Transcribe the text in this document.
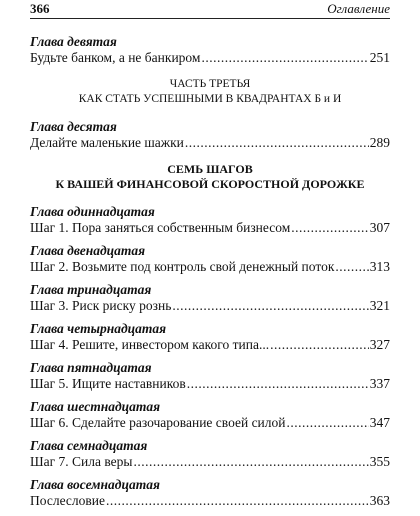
366	Оглавление
Глава девятая
Будьте банком, а не банкиром .....	251
ЧАСТЬ ТРЕТЬЯ
КАК СТАТЬ УСПЕШНЫМИ В КВАДРАНТАХ Б и И
Глава десятая
Делайте маленькие шажки .....	289
СЕМЬ ШАГОВ
К ВАШЕЙ ФИНАНСОВОЙ СКОРОСТНОЙ ДОРОЖКЕ
Глава одиннадцатая
Шаг 1. Пора заняться собственным бизнесом .....	307
Глава двенадцатая
Шаг 2. Возьмите под контроль свой денежный поток .....	313
Глава тринадцатая
Шаг 3. Риск риску рознь .....	321
Глава четырнадцатая
Шаг 4. Решите, инвестором какого типа... .....	327
Глава пятнадцатая
Шаг 5. Ищите наставников .....	337
Глава шестнадцатая
Шаг 6. Сделайте разочарование своей силой .....	347
Глава семнадцатая
Шаг 7. Сила веры .....	355
Глава восемнадцатая
Послесловие .....	363
